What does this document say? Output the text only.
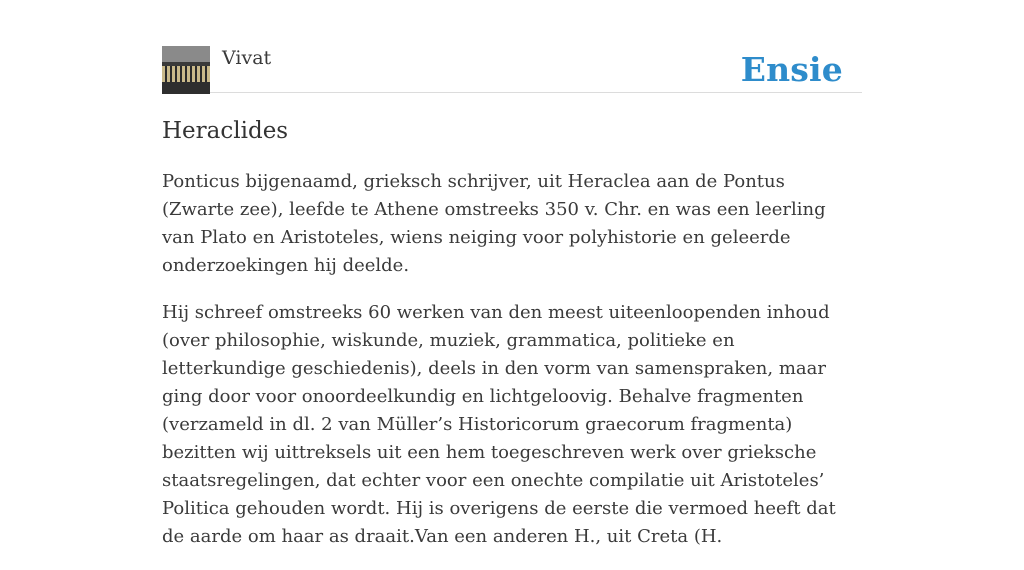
Vivat	Ensie
Heraclides

Ponticus bijgenaamd, grieksch schrijver, uit Heraclea aan de Pontus (Zwarte zee), leefde te Athene omstreeks 350 v. Chr. en was een leerling van Plato en Aristoteles, wiens neiging voor polyhistorie en geleerde onderzoekingen hij deelde.

Hij schreef omstreeks 60 werken van den meest uiteenloopenden inhoud (over philosophie, wiskunde, muziek, grammatica, politieke en letterkundige geschiedenis), deels in den vorm van samenspraken, maar ging door voor onoordeelkundig en lichtgeloovig. Behalve fragmenten (verzameld in dl. 2 van Müller’s Historicorum graecorum fragmenta) bezitten wij uittreksels uit een hem toegeschreven werk over grieksche staatsregelingen, dat echter voor een onechte compilatie uit Aristoteles’ Politica gehouden wordt. Hij is overigens de eerste die vermoed heeft dat de aarde om haar as draait.Van een anderen H., uit Creta (H.
